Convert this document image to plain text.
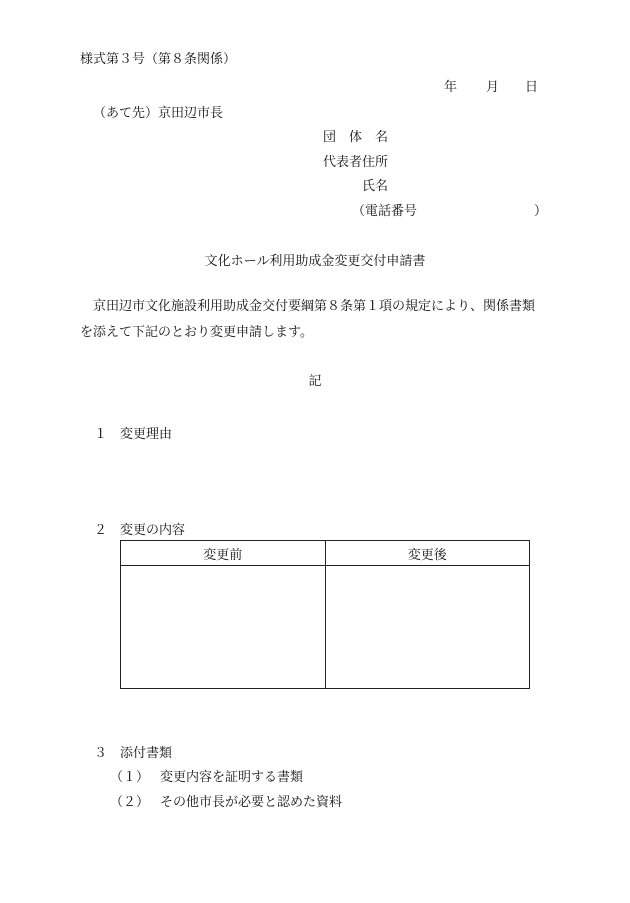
様式第３号（第８条関係）

年

月

日

（あて先）京田辺市長
団　体　名
代表者住所
氏名
（電話番号　　　　　　　　　）
文化ホール利用助成金変更交付申請書
　京田辺市文化施設利用助成金交付要綱第８条第１項の規定により、関係書類
を添えて下記のとおり変更申請します。
記
１ 変更理由
２ 変更の内容
変更前	変更後

３ 添付書類
（１） 変更内容を証明する書類
（２） その他市長が必要と認めた資料
